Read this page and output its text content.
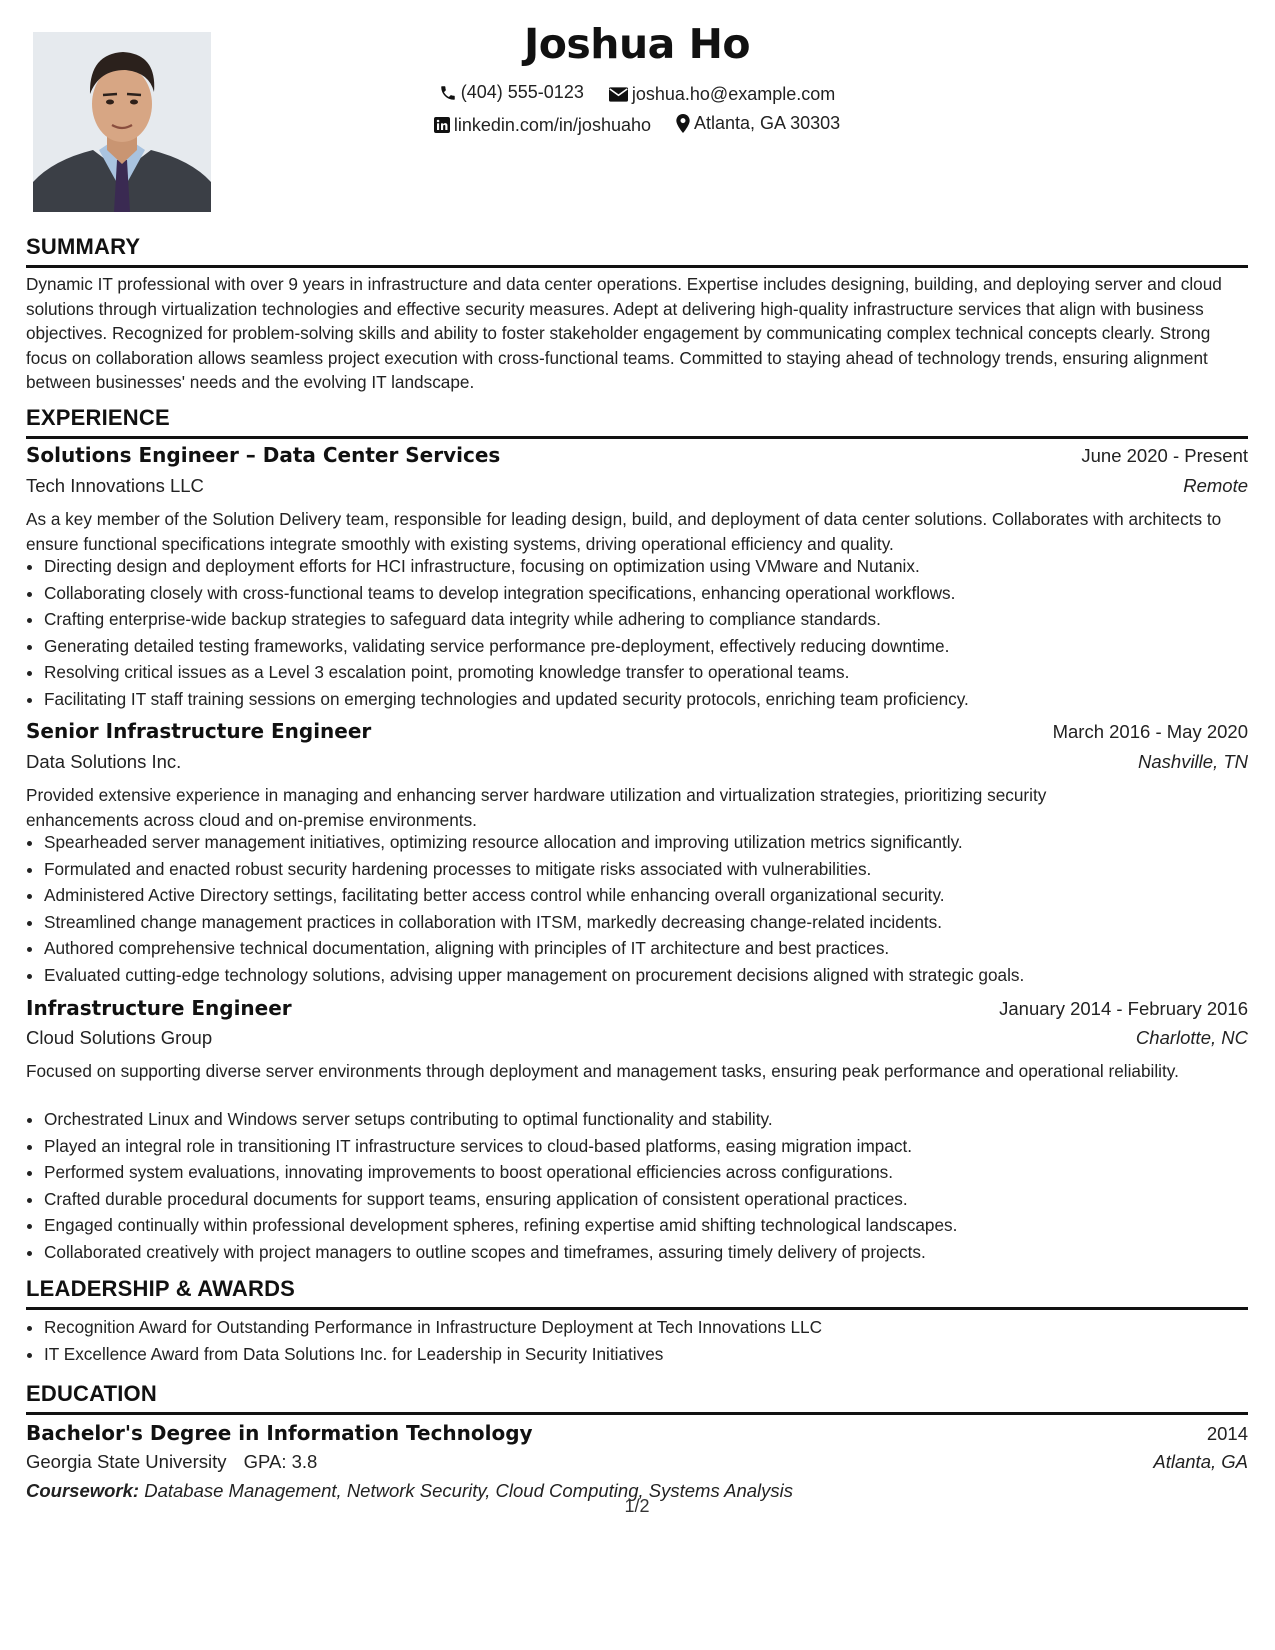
Joshua Ho
(404) 555-0123
	joshua.ho@example.com
linkedin.com/in/joshuaho
Atlanta, GA 30303
SUMMARY
Dynamic IT professional with over 9 years in infrastructure and data center operations. Expertise includes designing, building, and deploying server and cloud solutions through virtualization technologies and effective security measures. Adept at delivering high-quality infrastructure services that align with business objectives. Recognized for problem-solving skills and ability to foster stakeholder engagement by communicating complex technical concepts clearly. Strong focus on collaboration allows seamless project execution with cross-functional teams. Committed to staying ahead of technology trends, ensuring alignment between businesses' needs and the evolving IT landscape.
EXPERIENCE
Solutions Engineer – Data Center Services	June 2020 - Present
Tech Innovations LLC	Remote
As a key member of the Solution Delivery team, responsible for leading design, build, and deployment of data center solutions. Collaborates with architects to ensure functional specifications integrate smoothly with existing systems, driving operational efficiency and quality.
• Directing design and deployment efforts for HCI infrastructure, focusing on optimization using VMware and Nutanix.
• Collaborating closely with cross-functional teams to develop integration specifications, enhancing operational workflows.
• Crafting enterprise-wide backup strategies to safeguard data integrity while adhering to compliance standards.
• Generating detailed testing frameworks, validating service performance pre-deployment, effectively reducing downtime.
• Resolving critical issues as a Level 3 escalation point, promoting knowledge transfer to operational teams.
• Facilitating IT staff training sessions on emerging technologies and updated security protocols, enriching team proficiency.
Senior Infrastructure Engineer	March 2016 - May 2020
Data Solutions Inc.	Nashville, TN
Provided extensive experience in managing and enhancing server hardware utilization and virtualization strategies, prioritizing security enhancements across cloud and on-premise environments.
• Spearheaded server management initiatives, optimizing resource allocation and improving utilization metrics significantly.
• Formulated and enacted robust security hardening processes to mitigate risks associated with vulnerabilities.
• Administered Active Directory settings, facilitating better access control while enhancing overall organizational security.
• Streamlined change management practices in collaboration with ITSM, markedly decreasing change-related incidents.
• Authored comprehensive technical documentation, aligning with principles of IT architecture and best practices.
• Evaluated cutting-edge technology solutions, advising upper management on procurement decisions aligned with strategic goals.
Infrastructure Engineer	January 2014 - February 2016
Cloud Solutions Group	Charlotte, NC
Focused on supporting diverse server environments through deployment and management tasks, ensuring peak performance and operational reliability.
• Orchestrated Linux and Windows server setups contributing to optimal functionality and stability.
• Played an integral role in transitioning IT infrastructure services to cloud-based platforms, easing migration impact.
• Performed system evaluations, innovating improvements to boost operational efficiencies across configurations.
• Crafted durable procedural documents for support teams, ensuring application of consistent operational practices.
• Engaged continually within professional development spheres, refining expertise amid shifting technological landscapes.
• Collaborated creatively with project managers to outline scopes and timeframes, assuring timely delivery of projects.
LEADERSHIP & AWARDS
• Recognition Award for Outstanding Performance in Infrastructure Deployment at Tech Innovations LLC
• IT Excellence Award from Data Solutions Inc. for Leadership in Security Initiatives
EDUCATION
Bachelor's Degree in Information Technology	2014
Georgia State University GPA: 3.8	Atlanta, GA
Coursework: Database Management, Network Security, Cloud Computing, Systems Analysis
1/2
